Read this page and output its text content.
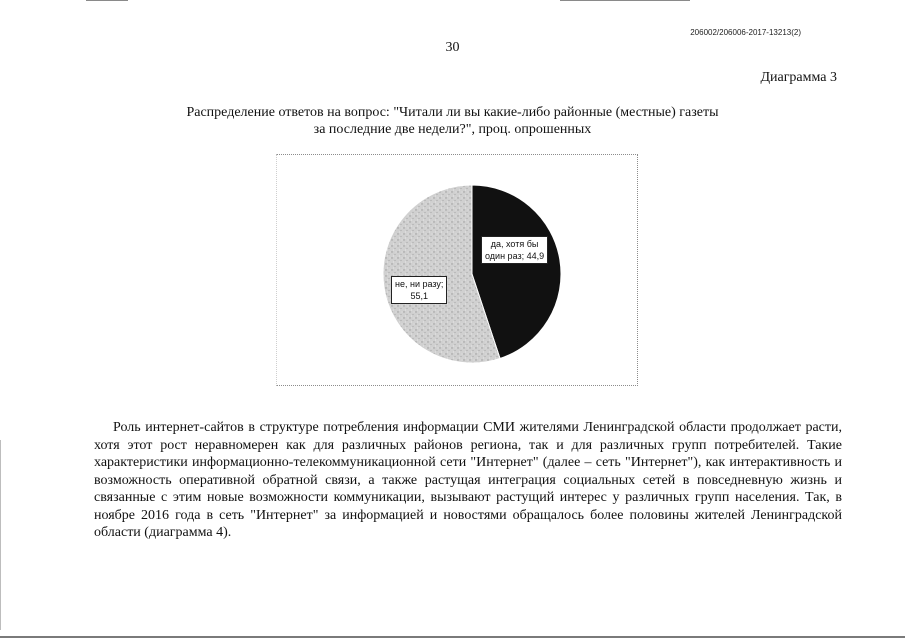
206002/206006-2017-13213(2)
30
Диаграмма 3
Распределение ответов на вопрос: "Читали ли вы какие-либо районные (местные) газеты
за последние две недели?", проц. опрошенных
да, хотя бы
один раз; 44,9
не, ни разу;
55,1

Роль интернет-сайтов в структуре потребления информации СМИ жителями Ленинградской области продолжает расти, хотя этот рост неравномерен как для различных районов региона, так и для различных групп потребителей. Такие характеристики информационно-телекоммуникационной сети "Интернет" (далее – сеть "Интернет"), как интерактивность и возможность оперативной обратной связи, а также растущая интеграция социальных сетей в повседневную жизнь и связанные с этим новые возможности коммуникации, вызывают растущий интерес у различных групп населения. Так, в ноябре 2016 года в сеть "Интернет" за информацией и новостями обращалось более половины жителей Ленинградской области (диаграмма 4).
